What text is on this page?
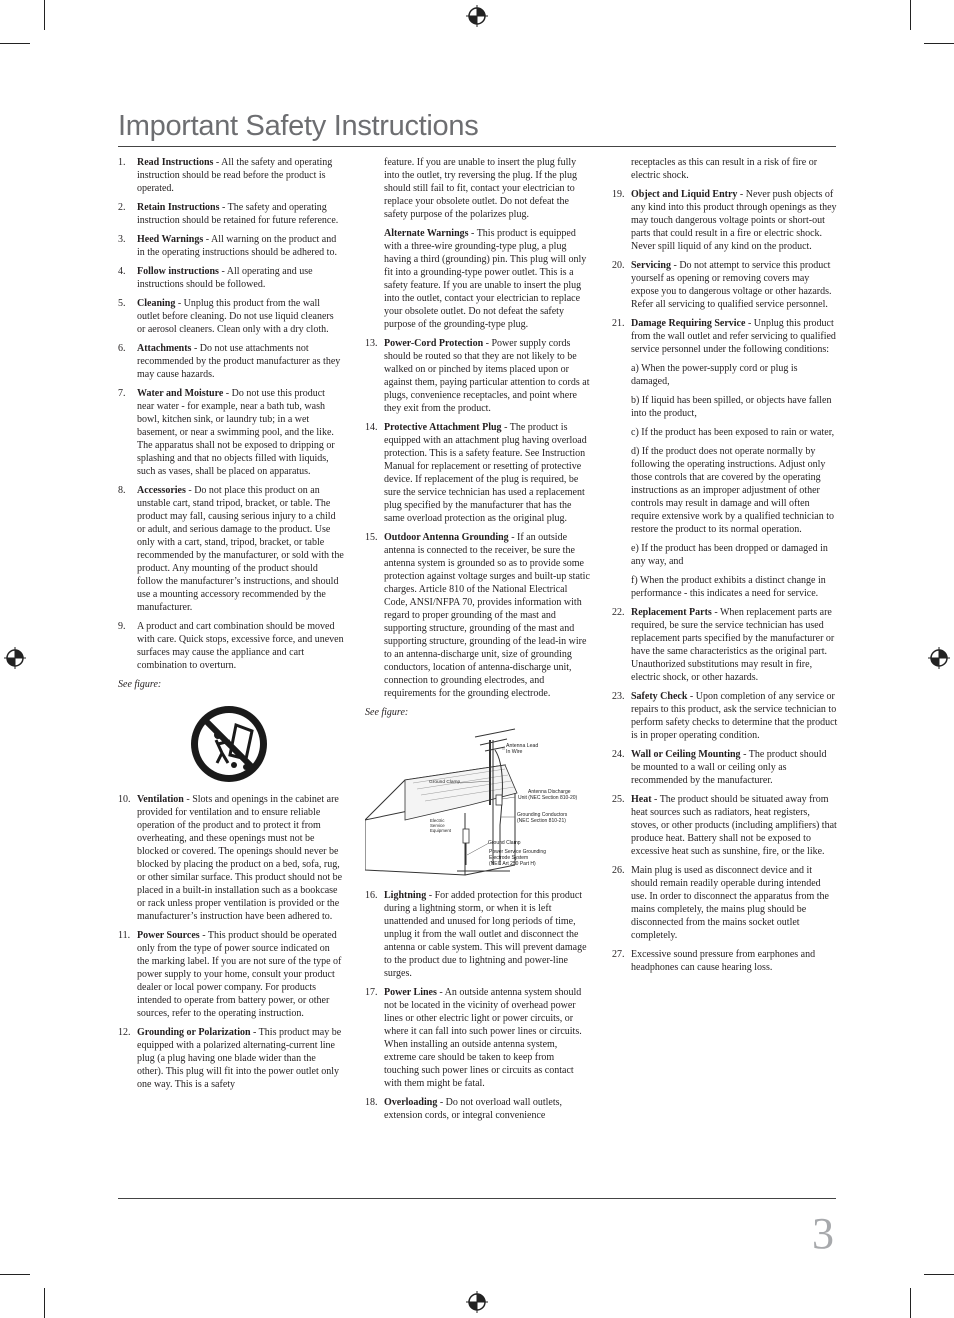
Important Safety Instructions
1.	Read Instructions - All the safety and operating instruction should be read before the product is operated.
2.	Retain Instructions - The safety and operating instruction should be retained for future reference.
3.	Heed Warnings - All warning on the product and in the operating instructions should be adhered to.
4.	Follow instructions - All operating and use instructions should be followed.
5.	Cleaning - Unplug this product from the wall outlet before cleaning. Do not use liquid cleaners or aerosol cleaners. Clean only with a dry cloth.
6.	Attachments - Do not use attachments not recommended by the product manufacturer as they may cause hazards.
7.	Water and Moisture - Do not use this product near water - for example, near a bath tub, wash bowl, kitchen sink, or laundry tub; in a wet basement, or near a swimming pool, and the like. The apparatus shall not be exposed to dripping or splashing and that no objects filled with liquids, such as vases, shall be placed on apparatus.
8.	Accessories - Do not place this product on an unstable cart, stand tripod, bracket, or table. The product may fall, causing serious injury to a child or adult, and serious damage to the product. Use only with a cart, stand, tripod, bracket, or table recommended by the manufacturer, or sold with the product. Any mounting of the product should follow the manufacturer’s instructions, and should use a mounting accessory recommended by the manufacturer.
9.	A product and cart combination should be moved with care. Quick stops, excessive force, and uneven surfaces may cause the appliance and cart combination to overturn.
See figure:
10. Ventilation - Slots and openings in the cabinet are provided for ventilation and to ensure reliable operation of the product and to protect it from overheating, and these openings must not be blocked or covered. The openings should never be blocked by placing the product on a bed, sofa, rug, or other similar surface. This product should not be placed in a built-in installation such as a bookcase or rack unless proper ventilation is provided or the manufacturer’s instruction have been adhered to.
11. Power Sources - This product should be operated only from the type of power source indicated on the marking label. If you are not sure of the type of power supply to your home, consult your product dealer or local power company. For products intended to operate from battery power, or other sources, refer to the operating instruction.
12. Grounding or Polarization - This product may be equipped with a polarized alternating-current line plug (a plug having one blade wider than the other). This plug will fit into the power outlet only one way. This is a safety
feature. If you are unable to insert the plug fully into the outlet, try reversing the plug. If the plug should still fail to fit, contact your electrician to replace your obsolete outlet. Do not defeat the safety purpose of the polarizes plug.
Alternate Warnings - This product is equipped with a three-wire grounding-type plug, a plug having a third (grounding) pin. This plug will only fit into a grounding-type power outlet. This is a safety feature. If you are unable to insert the plug into the outlet, contact your electrician to replace your obsolete outlet. Do not defeat the safety purpose of the grounding-type plug.
13. Power-Cord Protection - Power supply cords should be routed so that they are not likely to be walked on or pinched by items placed upon or against them, paying particular attention to cords at plugs, convenience receptacles, and point where they exit from the product.
14. Protective Attachment Plug - The product is equipped with an attachment plug having overload protection. This is a safety feature. See Instruction Manual for replacement or resetting of protective device. If replacement of the plug is required, be sure the service technician has used a replacement plug specified by the manufacturer that has the same overload protection as the original plug.
15. Outdoor Antenna Grounding - If an outside antenna is connected to the receiver, be sure the antenna system is grounded so as to provide some protection against voltage surges and built-up static charges. Article 810 of the National Electrical Code, ANSI/NFPA 70, provides information with regard to proper grounding of the mast and supporting structure, grounding of the mast and supporting structure, grounding of the lead-in wire to an antenna-discharge unit, size of grounding conductors, location of antenna-discharge unit, connection to grounding electrodes, and requirements for the grounding electrode.
See figure:
Antenna Lead
In Wire
Ground Clamp
Antenna Discharge
Unit (NEC Section 810-20)
Electric
Service
Equipment
Grounding Conductors
(NEC Section 810-21)
Ground Clamp
Power Service Grounding
Electrode System
(NEC Art 250 Part H)
16. Lightning - For added protection for this product during a lightning storm, or when it is left unattended and unused for long periods of time, unplug it from the wall outlet and disconnect the antenna or cable system. This will prevent damage to the product due to lightning and power-line surges.
17. Power Lines - An outside antenna system should not be located in the vicinity of overhead power lines or other electric light or power circuits, or where it can fall into such power lines or circuits. When installing an outside antenna system, extreme care should be taken to keep from touching such power lines or circuits as contact with them might be fatal.
18. Overloading - Do not overload wall outlets, extension cords, or integral convenience
receptacles as this can result in a risk of fire or electric shock.
19. Object and Liquid Entry - Never push objects of any kind into this product through openings as they may touch dangerous voltage points or short-out parts that could result in a fire or electric shock. Never spill liquid of any kind on the product.
20. Servicing - Do not attempt to service this product yourself as opening or removing covers may expose you to dangerous voltage or other hazards. Refer all servicing to qualified service personnel.
21. Damage Requiring Service - Unplug this product from the wall outlet and refer servicing to qualified service personnel under the following conditions:
a) When the power-supply cord or plug is damaged,
b) If liquid has been spilled, or objects have fallen into the product,
c) If the product has been exposed to rain or water,
d) If the product does not operate normally by following the operating instructions. Adjust only those controls that are covered by the operating instructions as an improper adjustment of other controls may result in damage and will often require extensive work by a qualified technician to restore the product to its normal operation.
e) If the product has been dropped or damaged in any way, and
f) When the product exhibits a distinct change in performance - this indicates a need for service.
22. Replacement Parts - When replacement parts are required, be sure the service technician has used replacement parts specified by the manufacturer or have the same characteristics as the original part. Unauthorized substitutions may result in fire, electric shock, or other hazards.
23. Safety Check - Upon completion of any service or repairs to this product, ask the service technician to perform safety checks to determine that the product is in proper operating condition.
24. Wall or Ceiling Mounting - The product should be mounted to a wall or ceiling only as recommended by the manufacturer.
25. Heat - The product should be situated away from heat sources such as radiators, heat registers, stoves, or other products (including amplifiers) that produce heat. Battery shall not be exposed to excessive heat such as sunshine, fire, or the like.
26. Main plug is used as disconnect device and it should remain readily operable during intended use. In order to disconnect the apparatus from the mains completely, the mains plug should be disconnected from the mains socket outlet completely.
27. Excessive sound pressure from earphones and headphones can cause hearing loss.
3
